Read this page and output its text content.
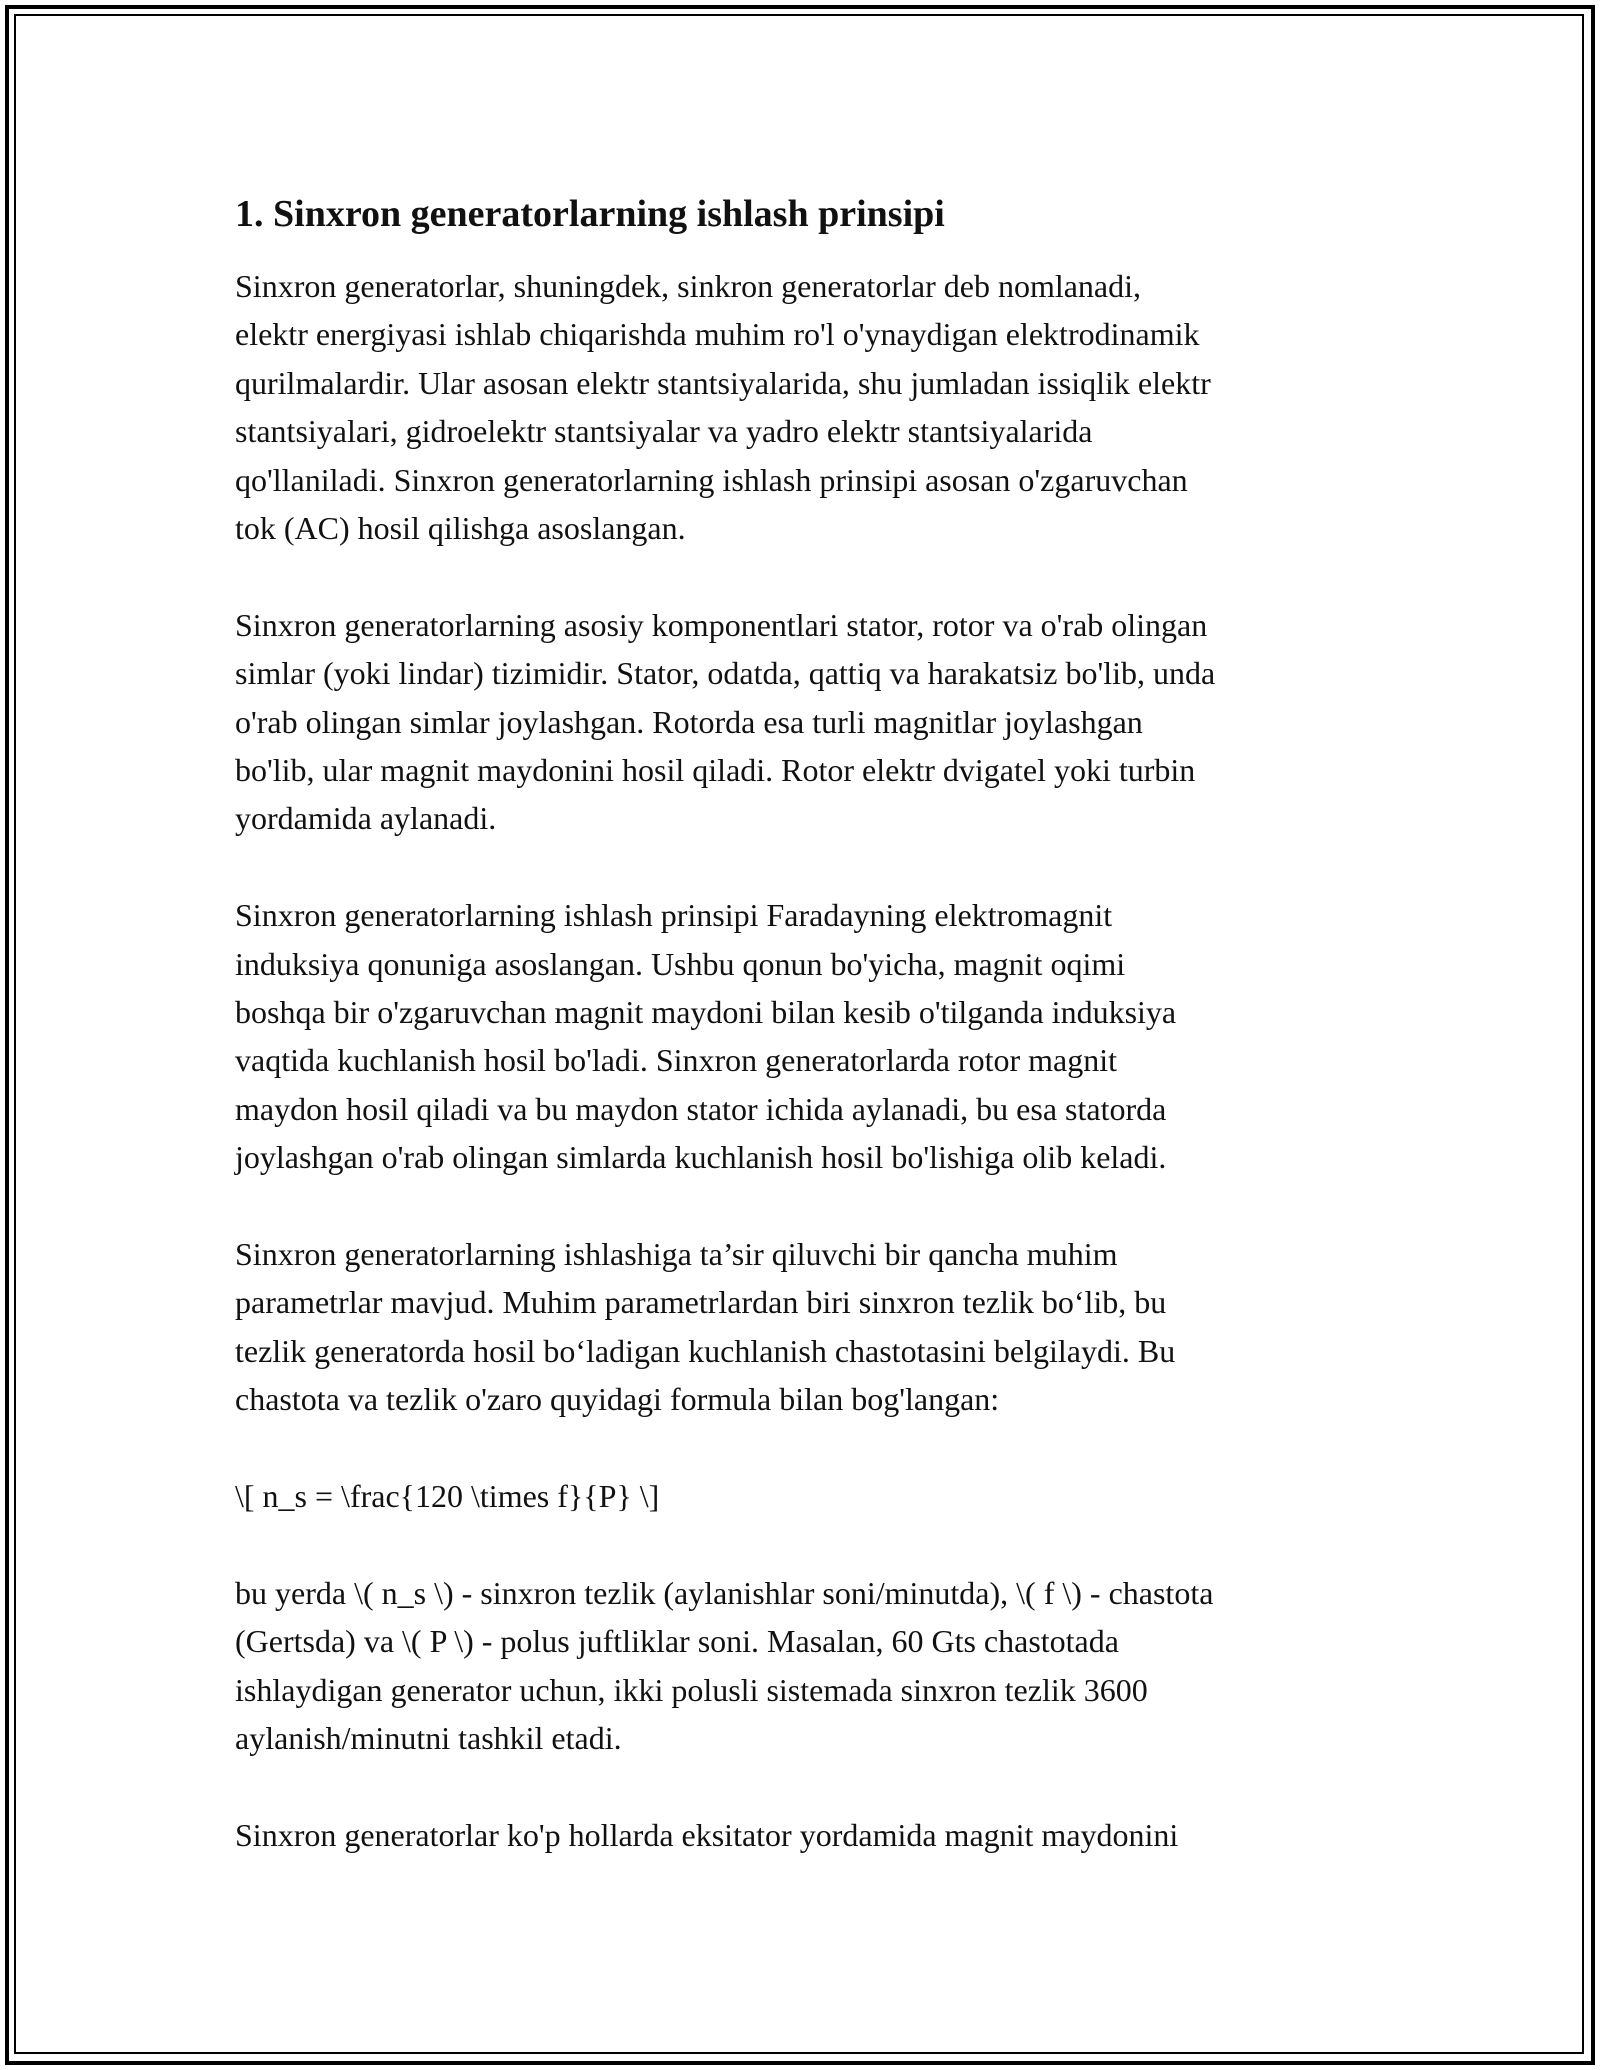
1. Sinxron generatorlarning ishlash prinsipi

Sinxron generatorlar, shuningdek, sinkron generatorlar deb nomlanadi,
elektr energiyasi ishlab chiqarishda muhim ro'l o'ynaydigan elektrodinamik
qurilmalardir. Ular asosan elektr stantsiyalarida, shu jumladan issiqlik elektr
stantsiyalari, gidroelektr stantsiyalar va yadro elektr stantsiyalarida
qo'llaniladi. Sinxron generatorlarning ishlash prinsipi asosan o'zgaruvchan
tok (AC) hosil qilishga asoslangan.

Sinxron generatorlarning asosiy komponentlari stator, rotor va o'rab olingan
simlar (yoki lindar) tizimidir. Stator, odatda, qattiq va harakatsiz bo'lib, unda
o'rab olingan simlar joylashgan. Rotorda esa turli magnitlar joylashgan
bo'lib, ular magnit maydonini hosil qiladi. Rotor elektr dvigatel yoki turbin
yordamida aylanadi.

Sinxron generatorlarning ishlash prinsipi Faradayning elektromagnit
induksiya qonuniga asoslangan. Ushbu qonun bo'yicha, magnit oqimi
boshqa bir o'zgaruvchan magnit maydoni bilan kesib o'tilganda induksiya
vaqtida kuchlanish hosil bo'ladi. Sinxron generatorlarda rotor magnit
maydon hosil qiladi va bu maydon stator ichida aylanadi, bu esa statorda
joylashgan o'rab olingan simlarda kuchlanish hosil bo'lishiga olib keladi.

Sinxron generatorlarning ishlashiga ta’sir qiluvchi bir qancha muhim
parametrlar mavjud. Muhim parametrlardan biri sinxron tezlik bo‘lib, bu
tezlik generatorda hosil bo‘ladigan kuchlanish chastotasini belgilaydi. Bu
chastota va tezlik o'zaro quyidagi formula bilan bog'langan:

\[ n_s = \frac{120 \times f}{P} \]

bu yerda \( n_s \) - sinxron tezlik (aylanishlar soni/minutda), \( f \) - chastota
(Gertsda) va \( P \) - polus juftliklar soni. Masalan, 60 Gts chastotada
ishlaydigan generator uchun, ikki polusli sistemada sinxron tezlik 3600
aylanish/minutni tashkil etadi.

Sinxron generatorlar ko'p hollarda eksitator yordamida magnit maydonini
